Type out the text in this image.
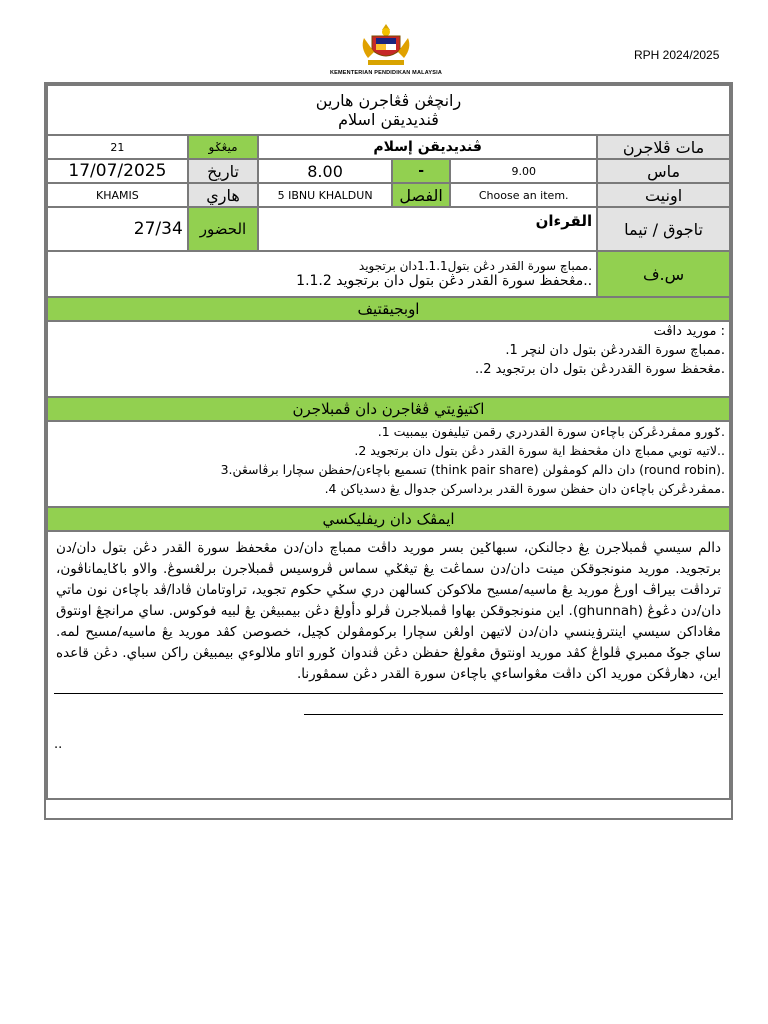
KEMENTERIAN PENDIDIKAN MALAYSIA
RPH 2024/2025
رانچڠن ڤڠاجرن هارين
ڤنديديقن اسلام					

21	ميڠݢو	ڤنديديقن إسلام			مات ڤلاجرن
17/07/2025	تاريخ	8.00	-	9.00	ماس
KHAMIS	هاري	5 IBNU KHALDUN	الفصل	Choose an item.	اونيت
27/34	الحضور	القرءان			تاجوق / تيما

.ممباچ سورة القدر دڠن بتول1.1.1دان برتجويد
..مڠحفظ سورة القدر دڠن بتول دان برتجويد 1.1.2					س.ف
اوبجيقتيف					

: موريد داڤت
.ممباچ سورة القدردڠن بتول دان لنچر 1.
.مڠحفظ سورة القدردڠن بتول دان برتجويد 2..					

اکتيۏيتي ڤڠاجرن دان ڤمبلاجرن					

.ݢورو ممڤردڠرکن باچاءن سورة القدردري رقمن تيليفون بيمبيت 1.
..لاتيه توبي ممباچ دان مڠحفظ اية سورة القدر دڠن بتول دان برتجويد 2.
.(round robin) دان دالم کومڤولن (think pair share) تسميع باچاءن/حفظن سچارا برڤاسڠن.3
.ممڤردڠرکن باچاءن دان حفظن سورة القدر برداسرکن جدوال يڠ دسدياکن 4.					

ايمڤک دان ريفليکسي					

دالم سيسي ڤمبلاجرن يڠ دجالنکن، سبهاݢين بسر موريد داڤت ممباچ دان/دن مڠحفظ سورة القدر دڠن بتول دان/دن برتجويد. موريد منونجوقکن مينت دان/دن سماڠت يڠ تيڠݢي سماس ڤروسيس ڤمبلاجرن برلڠسوڠ. والاو باݢايماناڤون، ترداڤت بيراڤ اورڠ موريد يڠ ماسيه/مسيح ملاکوکن کسالهن دري سݢي حکوم تجويد، تراوتامان ڤادا/ڤد باچاءن نون ماتي دان/دن دڠوڠ (ghunnah). اين منونجوقکن بهاوا ڤمبلاجرن ڤرلو دأولڠ دڠن بيمبيڠن يڠ لبيه فوکوس. ساي مرانچڠ اونتوق مڠاداکن سيسي اينترۏينسي دان/دن لاتيهن اولڠن سچارا برکومڤولن کچيل، خصوصن کڤد موريد يڠ ماسيه/مسيح لمه. ساي جوݢ ممبري ڤلواڠ کڤد موريد اونتوق مڠولڠ حفظن دڠن ڤندوان ݢورو اتاو ملالوءي بيمبيڠن راکن سباي. دڠن قاعده اين، دهارڤکن موريد اکن داڤت مڠواساءي باچاءن سورة القدر دڠن سمڤورنا.
..					
